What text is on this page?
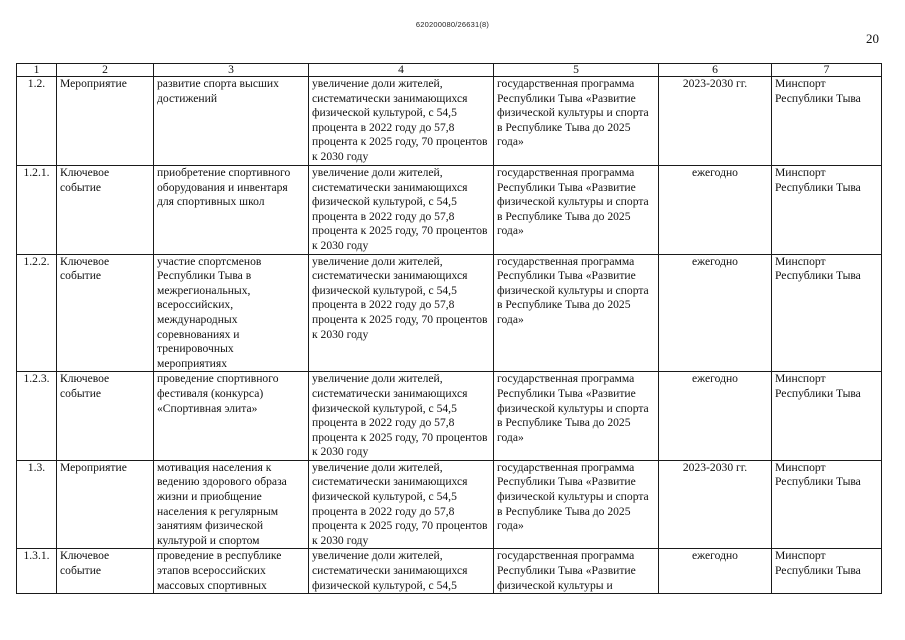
620200080/26631(8)
20
1	2	3	4	5	6	7
1.2.	Мероприятие	развитие спорта высших достижений	увеличение доли жителей, систематически занимающихся физической культурой, с 54,5 процента в 2022 году до 57,8 процента к 2025 году, 70 процентов к 2030 году	государственная программа Республики Тыва «Развитие физической культуры и спорта в Республике Тыва до 2025 года»	2023-2030 гг.	Минспорт Республики Тыва
1.2.1.	Ключевое событие	приобретение спортивного оборудования и инвентаря для спортивных школ	увеличение доли жителей, систематически занимающихся физической культурой, с 54,5 процента в 2022 году до 57,8 процента к 2025 году, 70 процентов к 2030 году	государственная программа Республики Тыва «Развитие физической культуры и спорта в Республике Тыва до 2025 года»	ежегодно	Минспорт Республики Тыва
1.2.2.	Ключевое событие	участие спортсменов Республики Тыва в межрегиональных, всероссийских, международных соревнованиях и тренировочных мероприятиях	увеличение доли жителей, систематически занимающихся физической культурой, с 54,5 процента в 2022 году до 57,8 процента к 2025 году, 70 процентов к 2030 году	государственная программа Республики Тыва «Развитие физической культуры и спорта в Республике Тыва до 2025 года»	ежегодно	Минспорт Республики Тыва
1.2.3.	Ключевое событие	проведение спортивного фестиваля (конкурса) «Спортивная элита»	увеличение доли жителей, систематически занимающихся физической культурой, с 54,5 процента в 2022 году до 57,8 процента к 2025 году, 70 процентов к 2030 году	государственная программа Республики Тыва «Развитие физической культуры и спорта в Республике Тыва до 2025 года»	ежегодно	Минспорт Республики Тыва
1.3.	Мероприятие	мотивация населения к ведению здорового образа жизни и приобщение населения к регулярным занятиям физической культурой и спортом	увеличение доли жителей, систематически занимающихся физической культурой, с 54,5 процента в 2022 году до 57,8 процента к 2025 году, 70 процентов к 2030 году	государственная программа Республики Тыва «Развитие физической культуры и спорта в Республике Тыва до 2025 года»	2023-2030 гг.	Минспорт Республики Тыва
1.3.1.	Ключевое событие	проведение в республике этапов всероссийских массовых спортивных	увеличение доли жителей, систематически занимающихся физической культурой, с 54,5	государственная программа Республики Тыва «Развитие физической культуры и	ежегодно	Минспорт Республики Тыва
